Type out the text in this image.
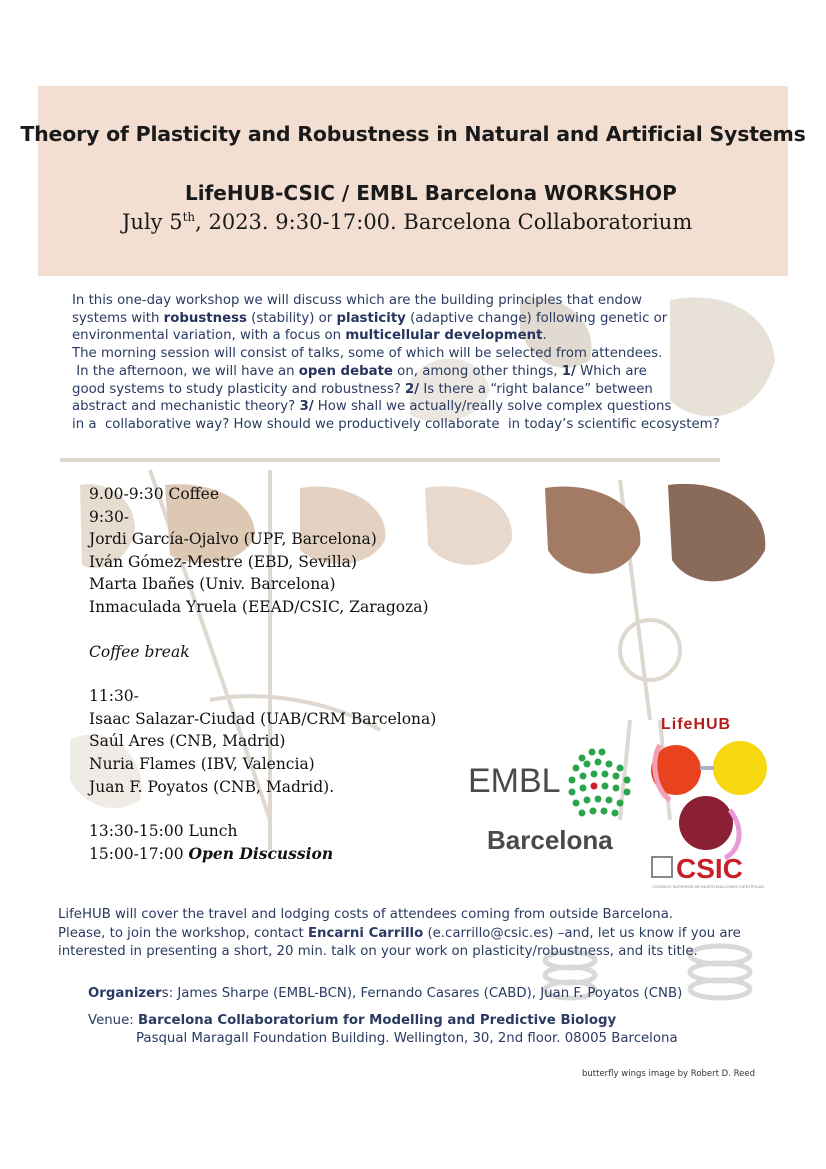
Theory of Plasticity and Robustness in Natural and Artificial Systems
LifeHUB-CSIC / EMBL Barcelona WORKSHOP
July 5th, 2023. 9:30-17:00. Barcelona Collaboratorium
EMBL
Barcelona
LifeHUB
CSIC
CONSEJO SUPERIOR DE INVESTIGACIONES CIENTÍFICAS

In this one-day workshop we will discuss which are the building principles that endow

systems with robustness (stability) or plasticity (adaptive change) following genetic or

environmental variation, with a focus on multicellular development.

The morning session will consist of talks, some of which will be selected from attendees.

In the afternoon, we will have an open debate on, among other things, 1/ Which are

good systems to study plasticity and robustness? 2/ Is there a “right balance” between

abstract and mechanistic theory? 3/ How shall we actually/really solve complex questions

in a  collaborative way? How should we productively collaborate  in today’s scientific ecosystem?

9.00-9:30 Coffee
9:30-
Jordi García-Ojalvo (UPF, Barcelona)
Iván Gómez-Mestre (EBD, Sevilla)
Marta Ibañes (Univ. Barcelona)
Inmaculada Yruela (EEAD/CSIC, Zaragoza)
Coffee break
11:30-
Isaac Salazar-Ciudad (UAB/CRM Barcelona)
Saúl Ares (CNB, Madrid)
Nuria Flames (IBV, Valencia)
Juan F. Poyatos (CNB, Madrid).
13:30-15:00 Lunch
15:00-17:00 Open Discussion
LifeHUB will cover the travel and lodging costs of attendees coming from outside Barcelona.
Please, to join the workshop, contact Encarni Carrillo (e.carrillo@csic.es) –and, let us know if you are
interested in presenting a short, 20 min. talk on your work on plasticity/robustness, and its title.
Organizers: James Sharpe (EMBL-BCN), Fernando Casares (CABD), Juan F. Poyatos (CNB)
Venue: Barcelona Collaboratorium for Modelling and Predictive Biology
Pasqual Maragall Foundation Building. Wellington, 30, 2nd floor. 08005 Barcelona
butterfly wings image by Robert D. Reed
